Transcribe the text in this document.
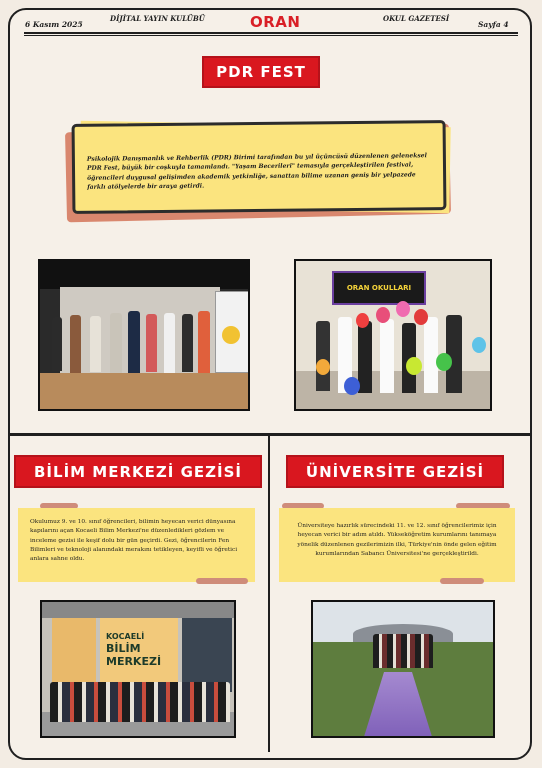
6 Kasım 2025
DİJİTAL YAYIN KULÜBÜ	ORAN	OKUL GAZETESİ
Sayfa 4
PDR FEST
Psikolojik Danışmanlık ve Rehberlik (PDR) Birimi tarafından bu yıl üçüncüsü düzenlenen geleneksel PDR Fest, büyük bir coşkuyla tamamlandı. "Yaşam Becerileri" temasıyla gerçekleştirilen festival, öğrencileri duygusal gelişimden akademik yetkinliğe, sanattan bilime uzanan geniş bir yelpazede farklı atölyelerde bir araya getirdi.
ORAN OKULLARI
BİLİM MERKEZİ GEZİSİ
Okulumuz 9. ve 10. sınıf öğrencileri, bilimin heyecan verici dünyasına kapılarını açan Kocaeli Bilim Merkezi'ne düzenledikleri gözlem ve inceleme gezisi ile keşif dolu bir gün geçirdi. Gezi, öğrencilerin Fen Bilimleri ve teknoloji alanındaki merakını tetikleyen, keyifli ve öğretici anlara sahne oldu.
KOCAELİ
BİLİM
MERKEZİ
ÜNİVERSİTE GEZİSİ
Üniversiteye hazırlık sürecindeki 11. ve 12. sınıf öğrencilerimiz için heyecan verici bir adım atıldı. Yükseköğretim kurumlarını tanımaya yönelik düzenlenen gezilerimizin ilki, Türkiye'nin önde gelen eğitim kurumlarından Sabancı Üniversitesi'ne gerçekleştirildi.
